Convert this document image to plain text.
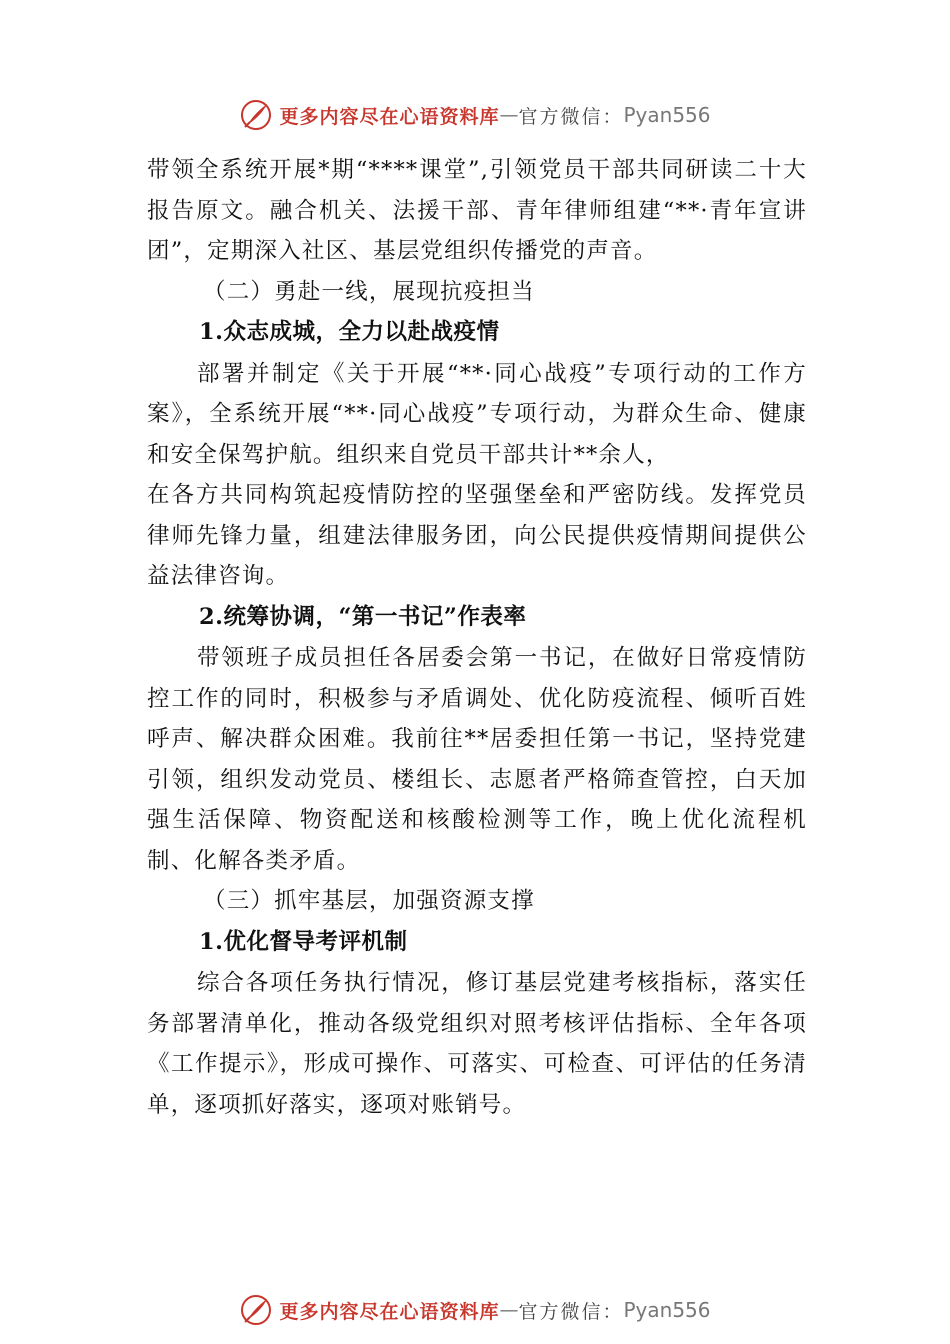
更多内容尽在心语资料库 — 官方微信： Pyan556

带领全系统开展*期“****课堂”,引领党员干部共同研读二十大报告原文。融合机关、法援干部、青年律师组建“**·青年宣讲团”，定期深入社区、基层党组织传播党的声音。

（二）勇赴一线，展现抗疫担当

1.众志成城，全力以赴战疫情

部署并制定《关于开展“**·同心战疫”专项行动的工作方案》，全系统开展“**·同心战疫”专项行动，为群众生命、健康和安全保驾护航。组织来自党员干部共计**余人，

在各方共同构筑起疫情防控的坚强堡垒和严密防线。发挥党员律师先锋力量，组建法律服务团，向公民提供疫情期间提供公益法律咨询。

2.统筹协调，“第一书记”作表率

带领班子成员担任各居委会第一书记，在做好日常疫情防控工作的同时，积极参与矛盾调处、优化防疫流程、倾听百姓呼声、解决群众困难。我前往**居委担任第一书记，坚持党建引领，组织发动党员、楼组长、志愿者严格筛查管控，白天加强生活保障、物资配送和核酸检测等工作，晚上优化流程机制、化解各类矛盾。

（三）抓牢基层，加强资源支撑

1.优化督导考评机制

综合各项任务执行情况，修订基层党建考核指标，落实任务部署清单化，推动各级党组织对照考核评估指标、全年各项《工作提示》，形成可操作、可落实、可检查、可评估的任务清单，逐项抓好落实，逐项对账销号。

更多内容尽在心语资料库 — 官方微信： Pyan556
